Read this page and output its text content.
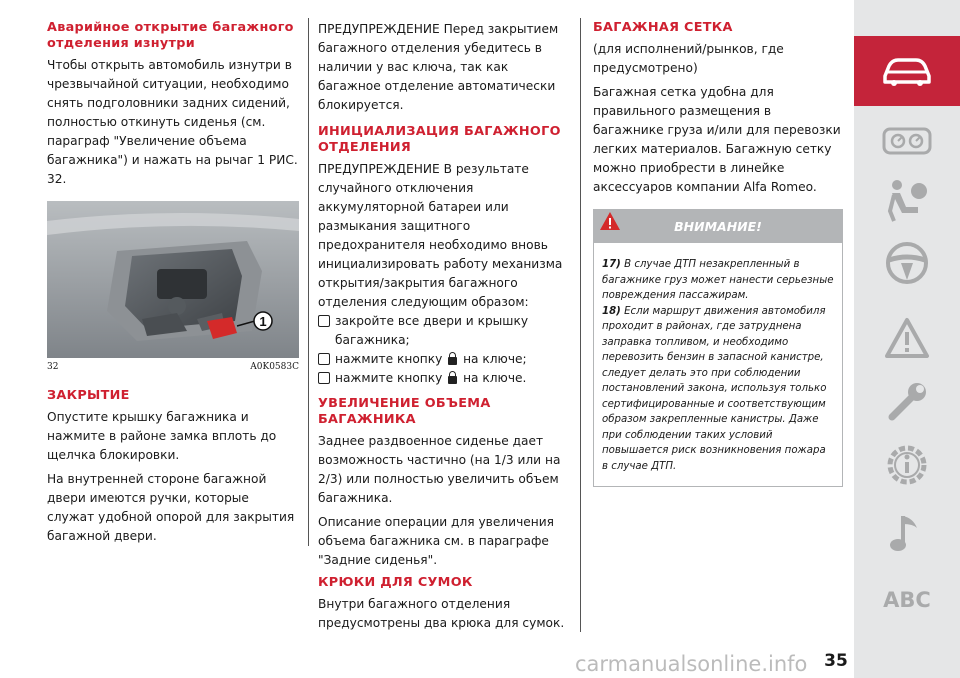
Аварийное открытие багажного отделения изнутри

Чтобы открыть автомобиль изнутри в чрезвычайной ситуации, необходимо снять подголовники задних сидений, полностью откинуть сиденья (см. параграф "Увеличение объема багажника") и нажать на рычаг 1 РИС. 32.

1
32	A0K0583C
ЗАКРЫТИЕ

Опустите крышку багажника и нажмите в районе замка вплоть до щелчка блокировки.

На внутренней стороне багажной двери имеются ручки, которые служат удобной опорой для закрытия багажной двери.

ПРЕДУПРЕЖДЕНИЕ Перед закрытием багажного отделения убедитесь в наличии у вас ключа, так как багажное отделение автоматически блокируется.

ИНИЦИАЛИЗАЦИЯ БАГАЖНОГО ОТДЕЛЕНИЯ

ПРЕДУПРЕЖДЕНИЕ В результате случайного отключения аккумуляторной батареи или размыкания защитного предохранителя необходимо вновь инициализировать работу механизма открытия/закрытия багажного отделения следующим образом:

закройте все двери и крышку багажника;
нажмите кнопку на ключе;
нажмите кнопку на ключе.
УВЕЛИЧЕНИЕ ОБЪЕМА БАГАЖНИКА

Заднее раздвоенное сиденье дает возможность частично (на 1/3 или на 2/3) или полностью увеличить объем багажника.

Описание операции для увеличения объема багажника см. в параграфе "Задние сиденья".

КРЮКИ ДЛЯ СУМОК

Внутри багажного отделения предусмотрены два крюка для сумок.

БАГАЖНАЯ СЕТКА

(для исполнений/рынков, где предусмотрено)

Багажная сетка удобна для правильного размещения в багажнике груза и/или для перевозки легких материалов. Багажную сетку можно приобрести в линейке аксессуаров компании Alfa Romeo.

ВНИМАНИЕ!

17) В случае ДТП незакрепленный в багажнике груз может нанести серьезные повреждения пассажирам.

18) Если маршрут движения автомобиля проходит в районах, где затруднена заправка топливом, и необходимо перевозить бензин в запасной канистре, следует делать это при соблюдении постановлений закона, используя только сертифицированные и соответствующим образом закрепленные канистры. Даже при соблюдении таких условий повышается риск возникновения пожара в случае ДТП.

ABC
35
carmanualsonline.info
